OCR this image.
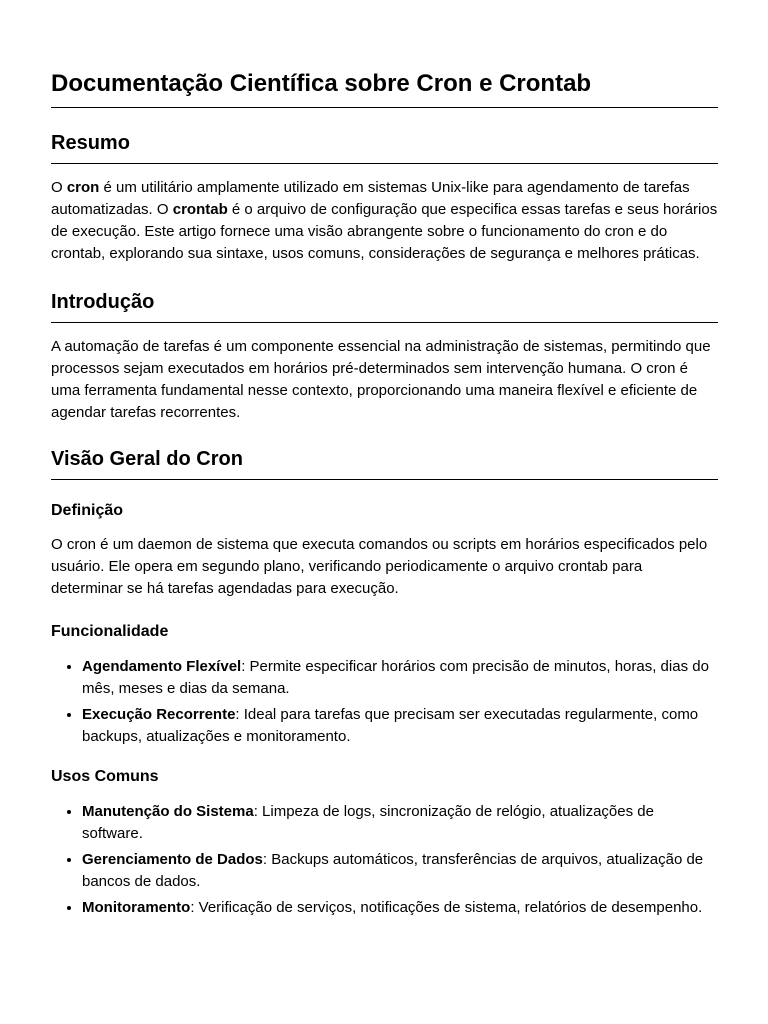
Documentação Científica sobre Cron e Crontab
Resumo

O cron é um utilitário amplamente utilizado em sistemas Unix-like para agendamento de tarefas automatizadas. O crontab é o arquivo de configuração que especifica essas tarefas e seus horários de execução. Este artigo fornece uma visão abrangente sobre o funcionamento do cron e do crontab, explorando sua sintaxe, usos comuns, considerações de segurança e melhores práticas.

Introdução

A automação de tarefas é um componente essencial na administração de sistemas, permitindo que processos sejam executados em horários pré-determinados sem intervenção humana. O cron é uma ferramenta fundamental nesse contexto, proporcionando uma maneira flexível e eficiente de agendar tarefas recorrentes.

Visão Geral do Cron
Definição

O cron é um daemon de sistema que executa comandos ou scripts em horários especificados pelo usuário. Ele opera em segundo plano, verificando periodicamente o arquivo crontab para determinar se há tarefas agendadas para execução.

Funcionalidade
• Agendamento Flexível: Permite especificar horários com precisão de minutos, horas, dias do mês, meses e dias da semana.
• Execução Recorrente: Ideal para tarefas que precisam ser executadas regularmente, como backups, atualizações e monitoramento.
Usos Comuns
• Manutenção do Sistema: Limpeza de logs, sincronização de relógio, atualizações de software.
• Gerenciamento de Dados: Backups automáticos, transferências de arquivos, atualização de bancos de dados.
• Monitoramento: Verificação de serviços, notificações de sistema, relatórios de desempenho.
